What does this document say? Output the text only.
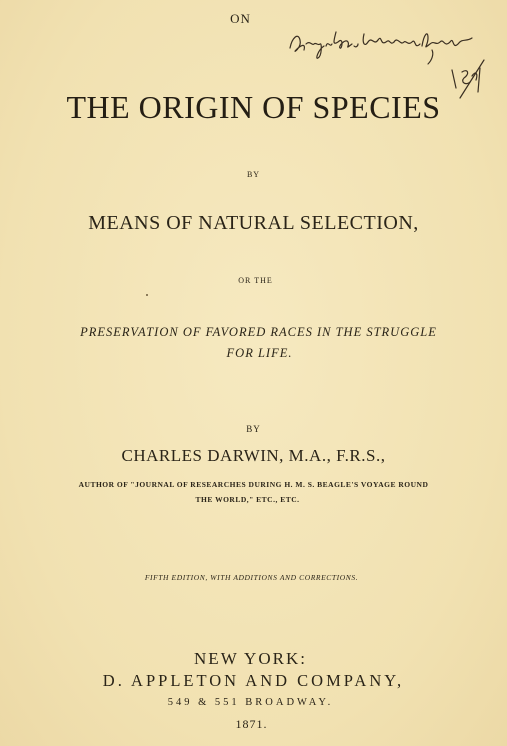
ON
THE ORIGIN OF SPECIES
BY
MEANS OF NATURAL SELECTION,
OR THE
PRESERVATION OF FAVORED RACES IN THE STRUGGLE
FOR LIFE.
BY
CHARLES DARWIN, M.A., F.R.S.,
AUTHOR OF "JOURNAL OF RESEARCHES DURING H. M. S. BEAGLE'S VOYAGE ROUND
THE WORLD," ETC., ETC.
FIFTH EDITION, WITH ADDITIONS AND CORRECTIONS.
NEW YORK:
D. APPLETON AND COMPANY,
549 & 551 BROADWAY.
1871.
